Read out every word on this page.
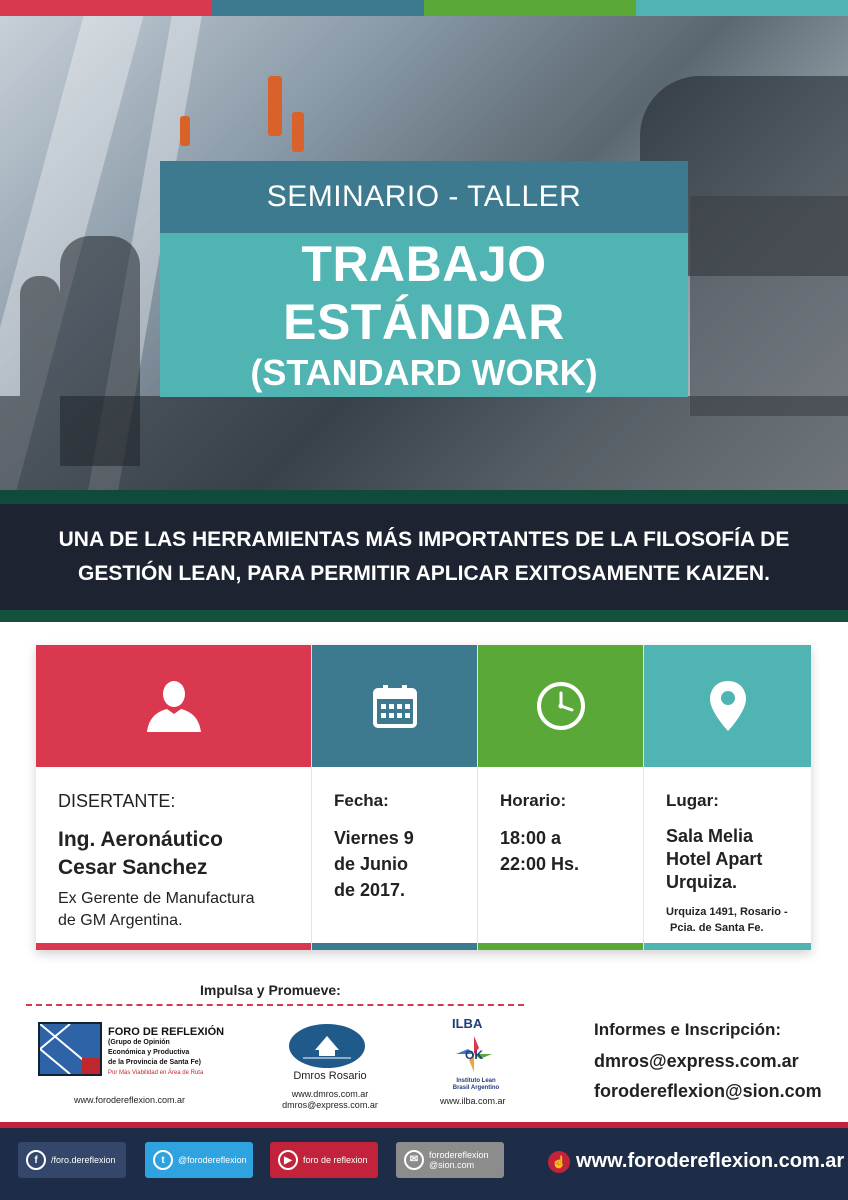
SEMINARIO - TALLER
TRABAJO ESTÁNDAR
(STANDARD WORK)
UNA DE LAS HERRAMIENTAS MÁS IMPORTANTES DE LA FILOSOFÍA DE
GESTIÓN LEAN, PARA PERMITIR APLICAR EXITOSAMENTE KAIZEN.
DISERTANTE:
Ing. Aeronáutico
Cesar Sanchez
Ex Gerente de Manufactura
de GM Argentina.
Fecha:
Viernes 9
de Junio
de 2017.
Horario:
18:00 a
22:00 Hs.
Lugar:
Sala Melia
Hotel Apart
Urquiza.
Urquiza 1491, Rosario -
Pcia. de Santa Fe.
Impulsa y Promueve:
FORO DE REFLEXIÓN
(Grupo de Opinión
Económica y Productiva
de la Provincia de Santa Fe)
Por Más Viabilidad en Área de Ruta
www.forodereflexion.com.ar
Dmros Rosario
www.dmros.com.ar
dmros@express.com.ar
ILBA
OK
Instituto Lean
Brasil Argentino
www.ilba.com.ar
Informes e Inscripción:
dmros@express.com.ar
forodereflexion@sion.com
f	/foro.dereflexion	t	@forodereflexion	▶	foro de reflexion	✉	forodereflexion
@sion.com	☝ www.forodereflexion.com.ar
